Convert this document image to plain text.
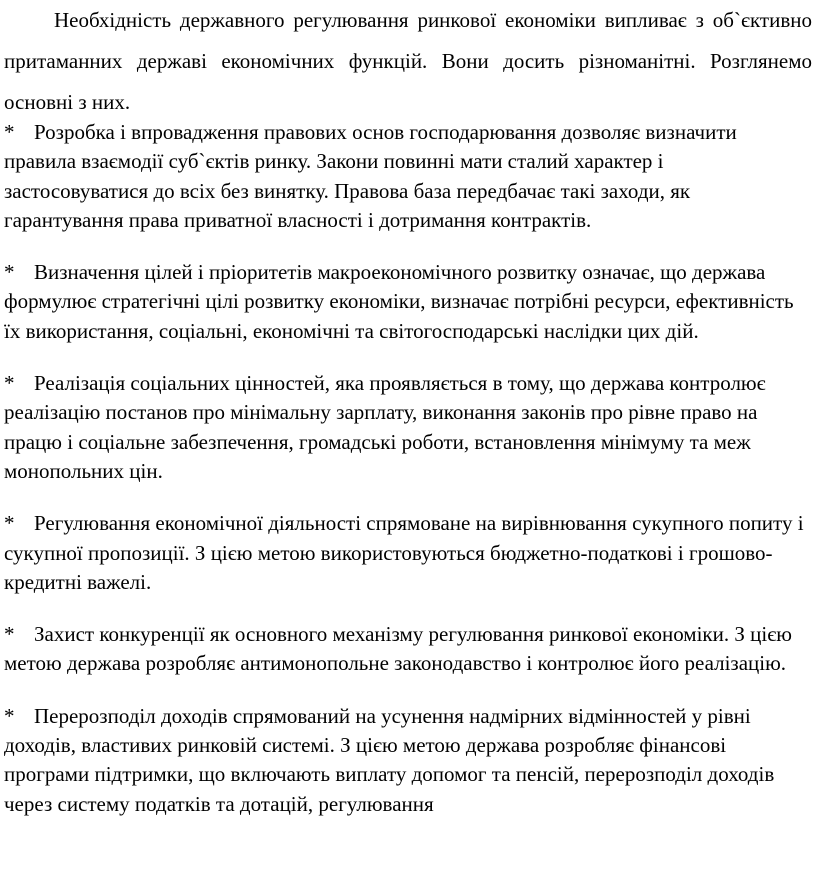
Необхідність державного регулювання ринкової економіки випливає з об`єктивно притаманних державі економічних функцій. Вони досить різноманітні. Розглянемо основні з них.

* Розробка і впровадження правових основ господарювання дозволяє визначити правила взаємодії суб`єктів ринку. Закони повинні мати сталий характер і застосовуватися до всіх без винятку. Правова база передбачає такі заходи, як гарантування права приватної власності і дотримання контрактів.
* Визначення цілей і пріоритетів макроекономічного розвитку означає, що держава формулює стратегічні цілі розвитку економіки, визначає потрібні ресурси, ефективність їх використання, соціальні, економічні та світогосподарські наслідки цих дій.
* Реалізація соціальних цінностей, яка проявляється в тому, що держава контролює реалізацію постанов про мінімальну зарплату, виконання законів про рівне право на працю і соціальне забезпечення, громадські роботи, встановлення мінімуму та меж монопольних цін.
* Регулювання економічної діяльності спрямоване на вирівнювання сукупного попиту і сукупної пропозиції. З цією метою використовуються бюджетно-податкові і грошово-кредитні важелі.
* Захист конкуренції як основного механізму регулювання ринкової економіки. З цією метою держава розробляє антимонопольне законодавство і контролює його реалізацію.
* Перерозподіл доходів спрямований на усунення надмірних відмінностей у рівні доходів, властивих ринковій системі. З цією метою держава розробляє фінансові програми підтримки, що включають виплату допомог та пенсій, перерозподіл доходів через систему податків та дотацій, регулювання
